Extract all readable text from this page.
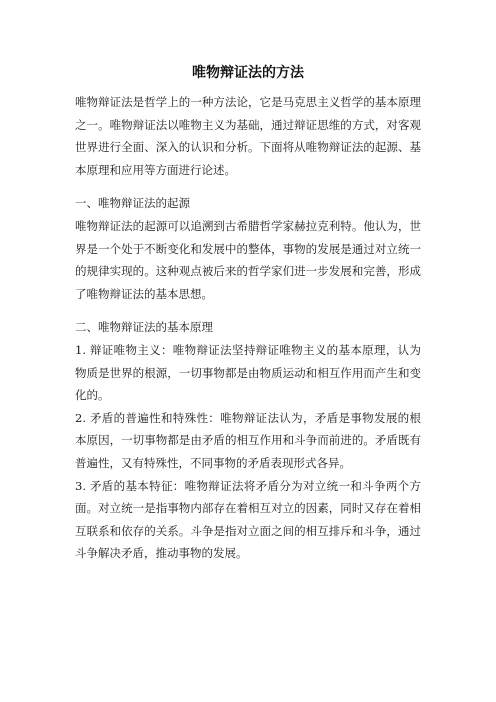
唯物辩证法的方法

唯物辩证法是哲学上的一种方法论，它是马克思主义哲学的基本原理之一。唯物辩证法以唯物主义为基础，通过辩证思维的方式，对客观世界进行全面、深入的认识和分析。下面将从唯物辩证法的起源、基本原理和应用等方面进行论述。

一、唯物辩证法的起源

唯物辩证法的起源可以追溯到古希腊哲学家赫拉克利特。他认为，世界是一个处于不断变化和发展中的整体，事物的发展是通过对立统一的规律实现的。这种观点被后来的哲学家们进一步发展和完善，形成了唯物辩证法的基本思想。

二、唯物辩证法的基本原理

1. 辩证唯物主义：唯物辩证法坚持辩证唯物主义的基本原理，认为物质是世界的根源，一切事物都是由物质运动和相互作用而产生和变化的。

2. 矛盾的普遍性和特殊性：唯物辩证法认为，矛盾是事物发展的根本原因，一切事物都是由矛盾的相互作用和斗争而前进的。矛盾既有普遍性，又有特殊性，不同事物的矛盾表现形式各异。

3. 矛盾的基本特征：唯物辩证法将矛盾分为对立统一和斗争两个方面。对立统一是指事物内部存在着相互对立的因素，同时又存在着相互联系和依存的关系。斗争是指对立面之间的相互排斥和斗争，通过斗争解决矛盾，推动事物的发展。
